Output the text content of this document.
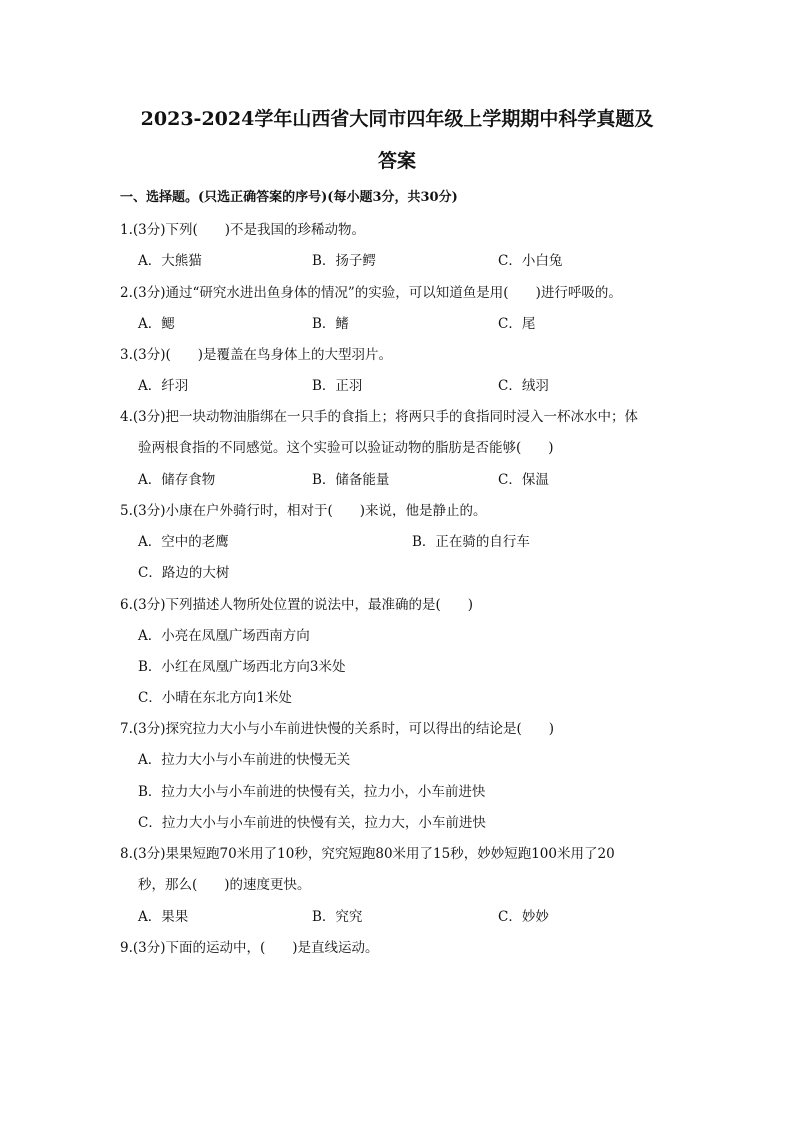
2023-2024学年山西省大同市四年级上学期期中科学真题及
答案
一、选择题。(只选正确答案的序号)(每小题3分，共30分)
1.(3分)下列(　　)不是我国的珍稀动物。
A．大熊猫	B．扬子鳄	C．小白兔
2.(3分)通过“研究水进出鱼身体的情况”的实验，可以知道鱼是用(　　)进行呼吸的。
A．鳃	B．鳍	C．尾
3.(3分)(　　)是覆盖在鸟身体上的大型羽片。
A．纤羽	B．正羽	C．绒羽
4.(3分)把一块动物油脂绑在一只手的食指上；将两只手的食指同时浸入一杯冰水中；体
验两根食指的不同感觉。这个实验可以验证动物的脂肪是否能够(　　)
A．储存食物	B．储备能量	C．保温
5.(3分)小康在户外骑行时，相对于(　　)来说，他是静止的。
A．空中的老鹰	B．正在骑的自行车
C．路边的大树
6.(3分)下列描述人物所处位置的说法中，最准确的是(　　)
A．小亮在凤凰广场西南方向
B．小红在凤凰广场西北方向3米处
C．小晴在东北方向1米处
7.(3分)探究拉力大小与小车前进快慢的关系时，可以得出的结论是(　　)
A．拉力大小与小车前进的快慢无关
B．拉力大小与小车前进的快慢有关，拉力小，小车前进快
C．拉力大小与小车前进的快慢有关，拉力大，小车前进快
8.(3分)果果短跑70米用了10秒，究究短跑80米用了15秒，妙妙短跑100米用了20
秒，那么(　　)的速度更快。
A．果果	B．究究	C．妙妙
9.(3分)下面的运动中，(　　)是直线运动。
